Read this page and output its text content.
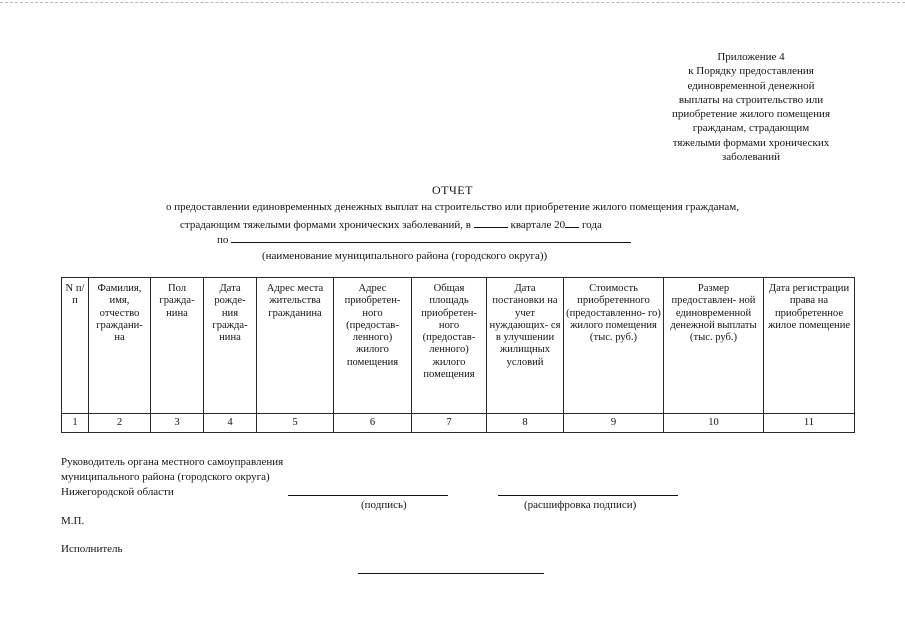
Приложение 4
к Порядку предоставления
единовременной денежной
выплаты на строительство или
приобретение жилого помещения
гражданам, страдающим
тяжелыми формами хронических
заболеваний
ОТЧЕТ
о предоставлении единовременных денежных выплат на строительство или приобретение жилого помещения гражданам,
страдающим тяжелыми формами хронических заболеваний, в	квартале 20 года
по
(наименование муниципального района (городского округа))
N п/п	Фамилия, имя, отчество граждани- на	Пол гражда- нина	Дата рожде- ния гражда- нина	Адрес места жительства гражданина	Адрес приобретен- ного (предостав- ленного) жилого помещения	Общая площадь приобретен- ного (предостав- ленного) жилого помещения	Дата постановки на учет нуждающих- ся в улучшении жилищных условий	Стоимость приобретенного (предоставленно- го) жилого помещения (тыс. руб.)	Размер предоставлен- ной единовременной денежной выплаты (тыс. руб.)	Дата регистрации права на приобретенное жилое помещение
1	2	3	4	5	6	7	8	9	10	11
Руководитель органа местного самоуправления
муниципального района (городского округа)
Нижегородской области
(подпись)	(расшифровка подписи)
М.П.
Исполнитель
